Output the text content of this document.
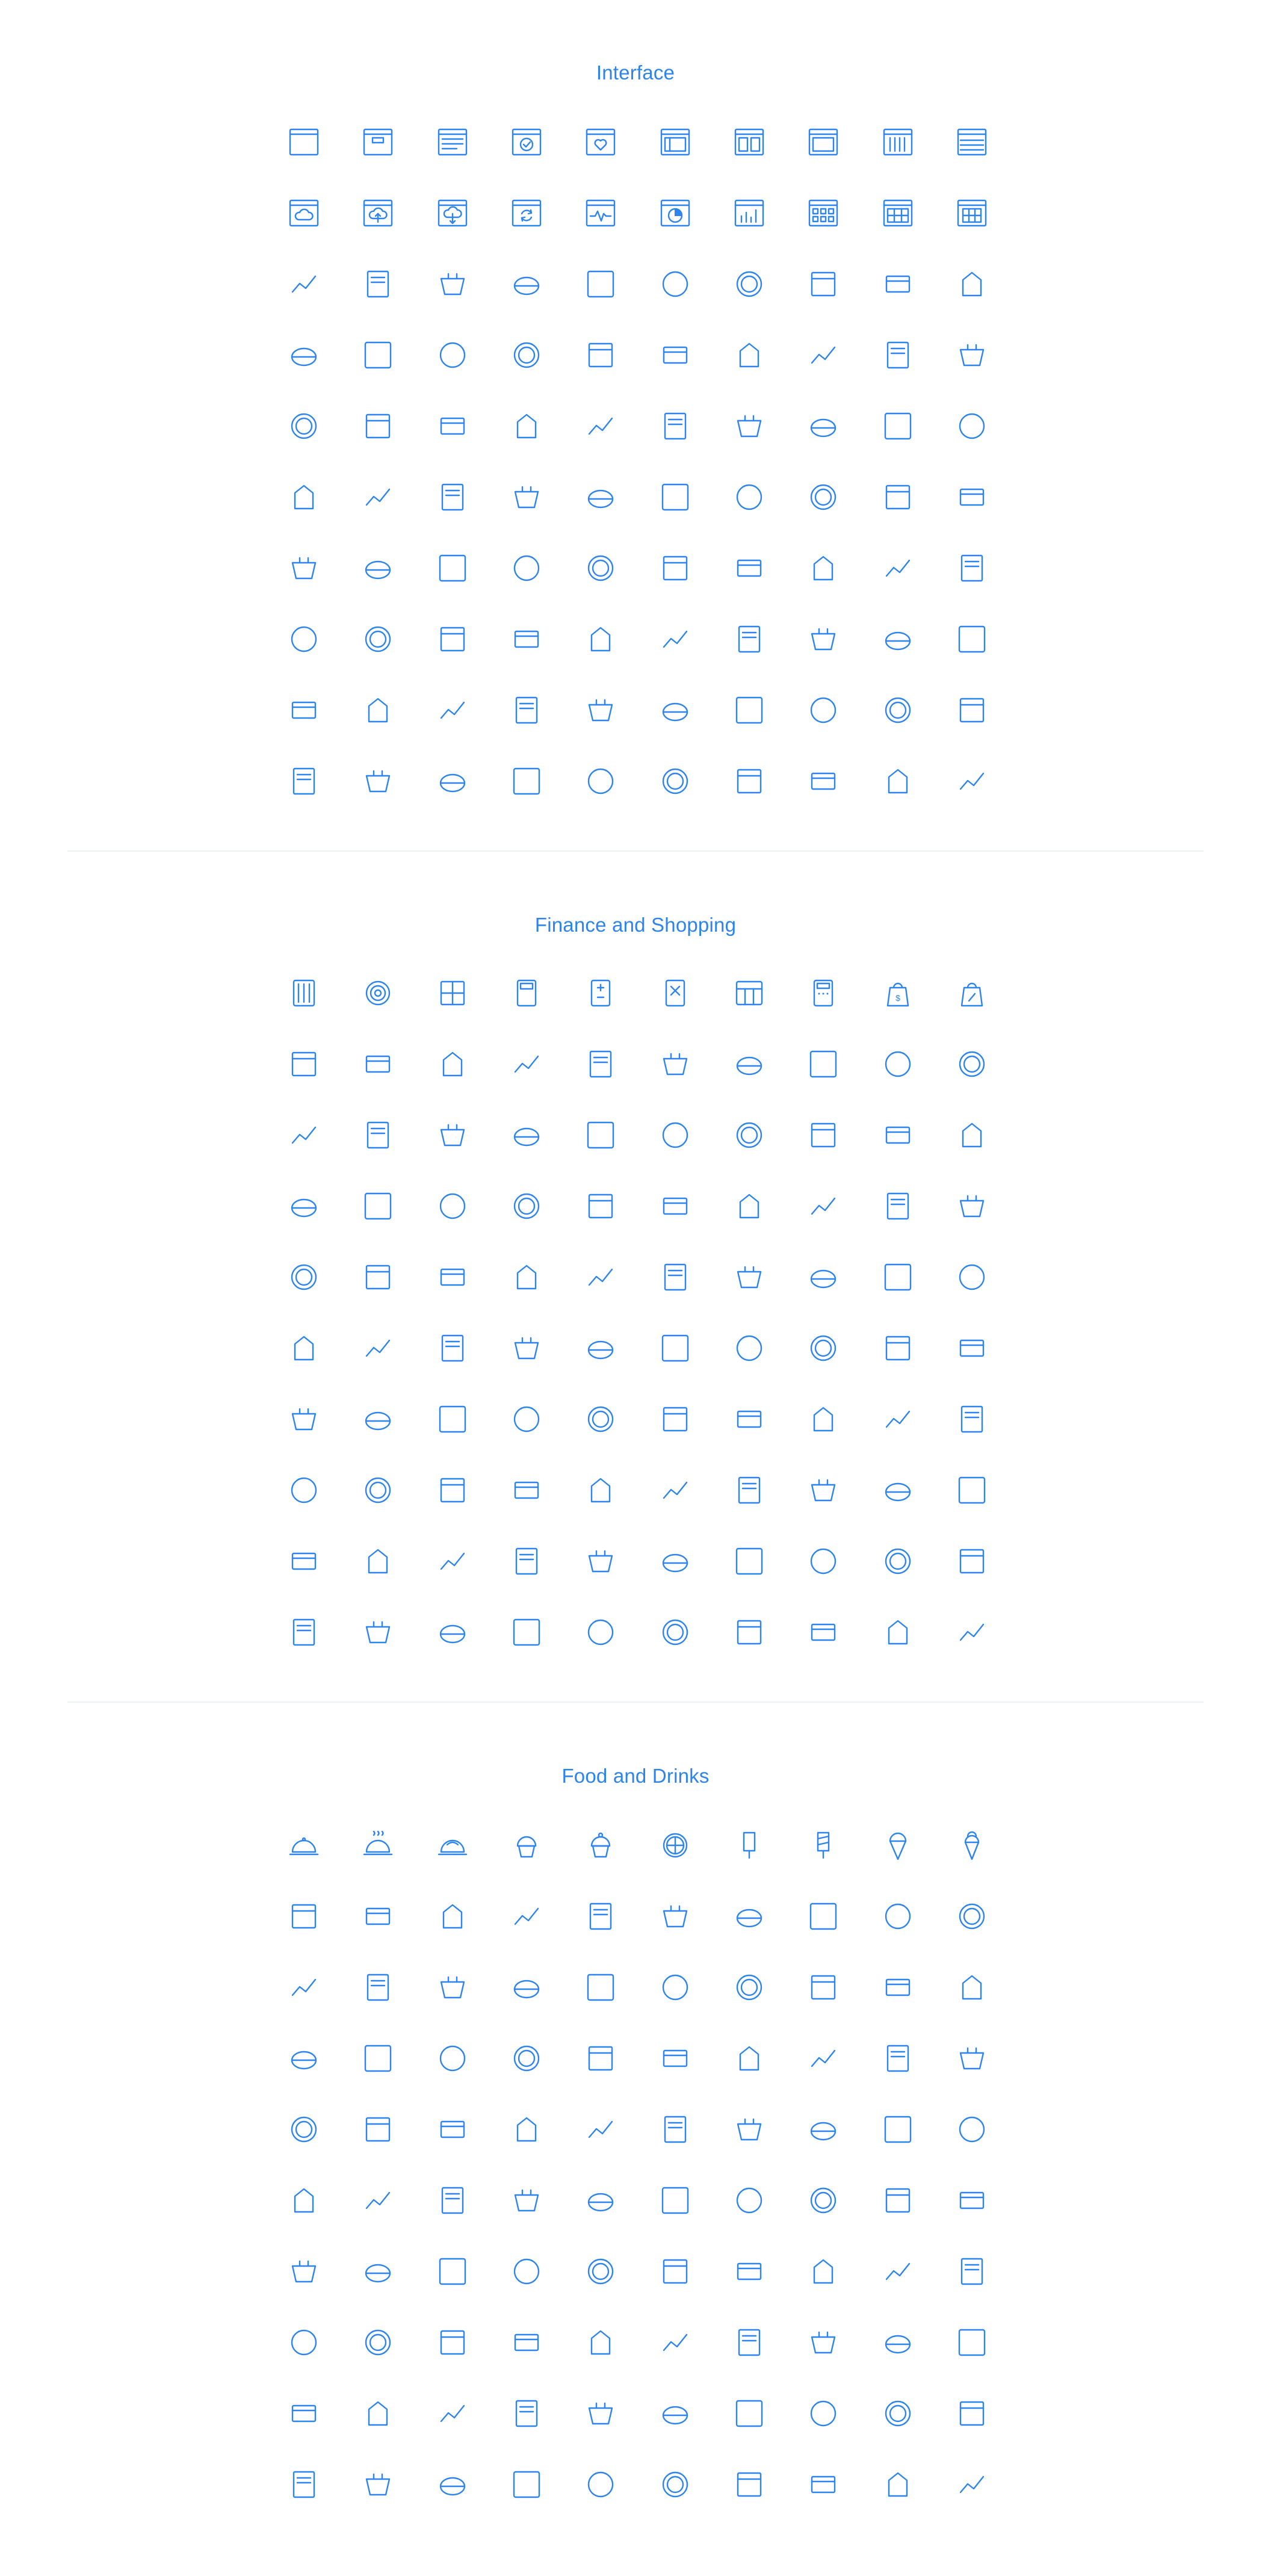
Interface
Finance and Shopping
$
Food and Drinks
